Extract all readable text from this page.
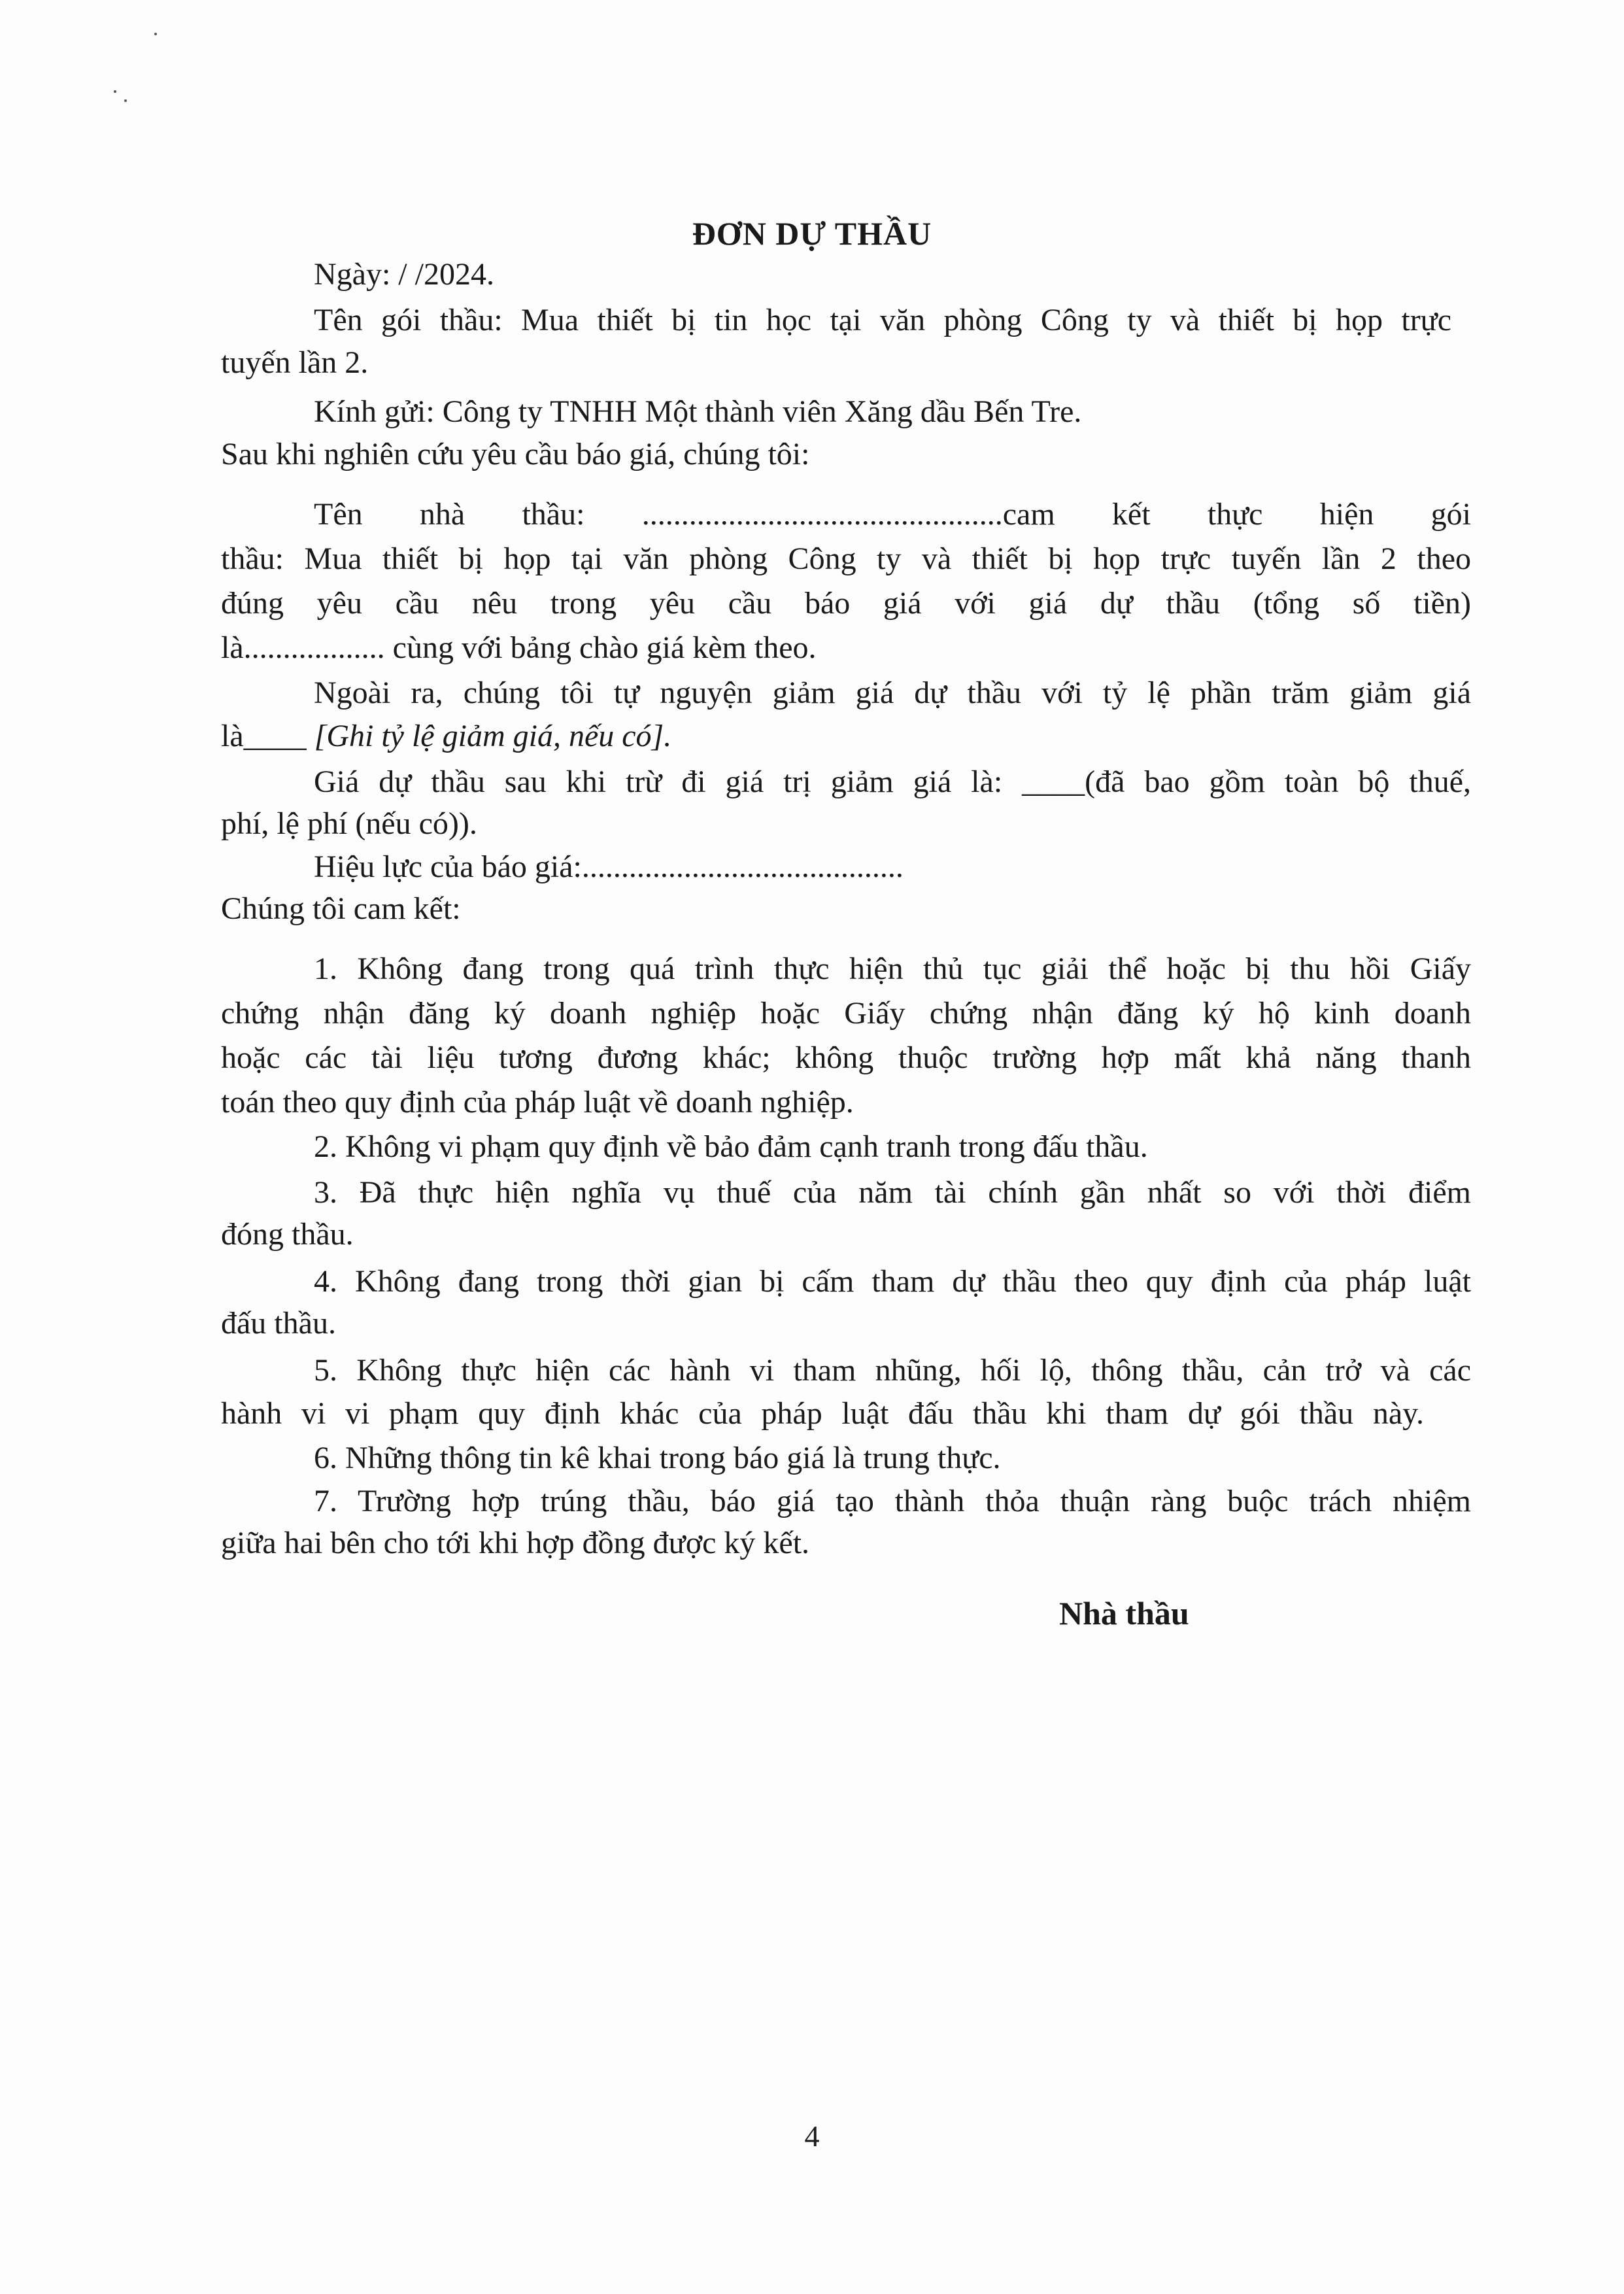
ĐƠN DỰ THẦU
Ngày: / /2024.
Tên gói thầu: Mua thiết bị tin học tại văn phòng Công ty và thiết bị họp trực
tuyến lần 2.
Kính gửi: Công ty TNHH Một thành viên Xăng dầu Bến Tre.
Sau khi nghiên cứu yêu cầu báo giá, chúng tôi:
Tên nhà thầu: ..............................................cam kết thực hiện gói
thầu: Mua thiết bị họp tại văn phòng Công ty và thiết bị họp trực tuyến lần 2 theo
đúng yêu cầu nêu trong yêu cầu báo giá với giá dự thầu (tổng số tiền)
là.................. cùng với bảng chào giá kèm theo.
Ngoài ra, chúng tôi tự nguyện giảm giá dự thầu với tỷ lệ phần trăm giảm giá
là____ [Ghi tỷ lệ giảm giá, nếu có].
Giá dự thầu sau khi trừ đi giá trị giảm giá là: ____(đã bao gồm toàn bộ thuế,
phí, lệ phí (nếu có)).
Hiệu lực của báo giá:.........................................
Chúng tôi cam kết:
1. Không đang trong quá trình thực hiện thủ tục giải thể hoặc bị thu hồi Giấy
chứng nhận đăng ký doanh nghiệp hoặc Giấy chứng nhận đăng ký hộ kinh doanh
hoặc các tài liệu tương đương khác; không thuộc trường hợp mất khả năng thanh
toán theo quy định của pháp luật về doanh nghiệp.
2. Không vi phạm quy định về bảo đảm cạnh tranh trong đấu thầu.
3. Đã thực hiện nghĩa vụ thuế của năm tài chính gần nhất so với thời điểm
đóng thầu.
4. Không đang trong thời gian bị cấm tham dự thầu theo quy định của pháp luật
đấu thầu.
5. Không thực hiện các hành vi tham nhũng, hối lộ, thông thầu, cản trở và các
hành vi vi phạm quy định khác của pháp luật đấu thầu khi tham dự gói thầu này.
6. Những thông tin kê khai trong báo giá là trung thực.
7. Trường hợp trúng thầu, báo giá tạo thành thỏa thuận ràng buộc trách nhiệm
giữa hai bên cho tới khi hợp đồng được ký kết.
Nhà thầu
4
